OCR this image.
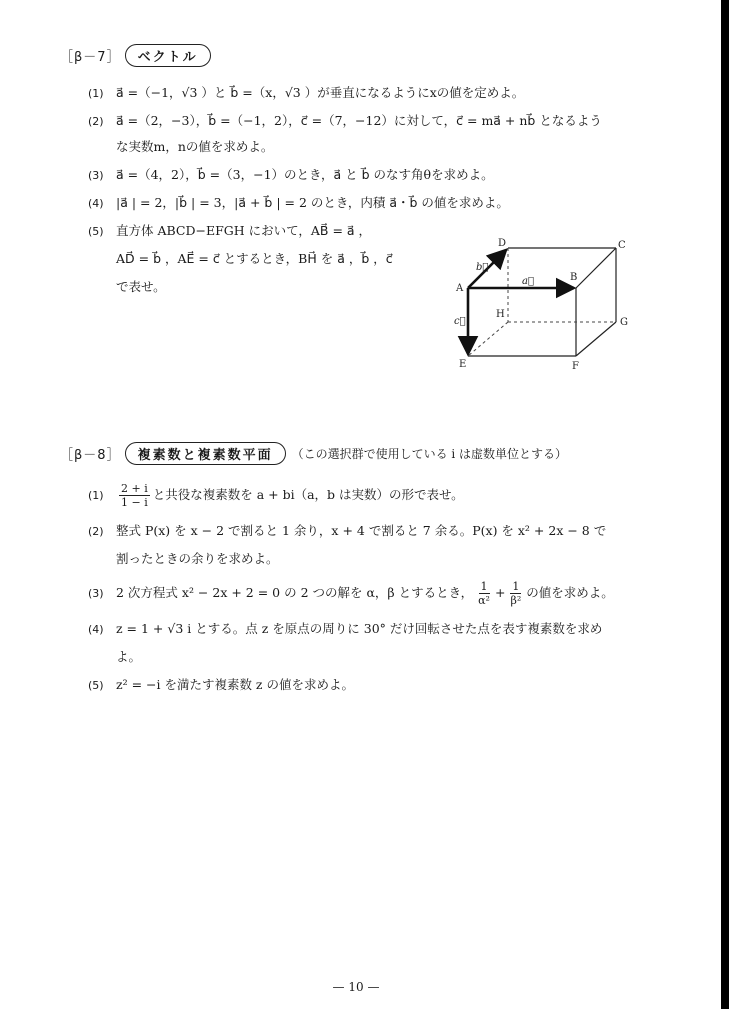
［β－7］	ベクトル
(1) a⃗ =（−1，√3 ）と b⃗ =（x，√3 ）が垂直になるようにxの値を定めよ。
(2) a⃗ =（2，−3），b⃗ =（−1，2），c⃗ =（7，−12）に対して，c⃗ = ma⃗ + nb⃗ となるよう
な実数m，nの値を求めよ。
(3) a⃗ =（4，2），b⃗ =（3，−1）のとき，a⃗ と b⃗ のなす角θを求めよ。
(4) |a⃗ | = 2，|b⃗ | = 3，|a⃗ + b⃗ | = 2 のとき，内積 a⃗・b⃗ の値を求めよ。
(5) 直方体 ABCD−EFGH において，AB⃗ = a⃗ ，
AD⃗ = b⃗ ，AE⃗ = c⃗ とするとき，BH⃗ を a⃗ ，b⃗ ，c⃗
で表せ。
D	C
A
B
H
G
E	F
a⃗
b⃗
c⃗
［β－8］	複素数と複素数平面	（この選択群で使用している i は虚数単位とする）
$(1) \frac{2 + i}{1 - i}$ と共役な複素数を a + bi（a，b は実数）の形で表せ。
(2) 整式 P(x) を x − 2 で割ると 1 余り，x + 4 で割ると 7 余る。P(x) を x² + 2x − 8 で
割ったときの余りを求めよ。
(3) 2 次方程式 x² − 2x + 2 = 0 の 2 つの解を α，β とするとき， $\frac{1}{\text{α²}} + \frac{1}{\text{β²}}$ の値を求めよ。
(4) z = 1 + √3 i とする。点 z を原点の周りに 30° だけ回転させた点を表す複素数を求め
よ。
(5) z² = −i を満たす複素数 z の値を求めよ。
— 10 —
